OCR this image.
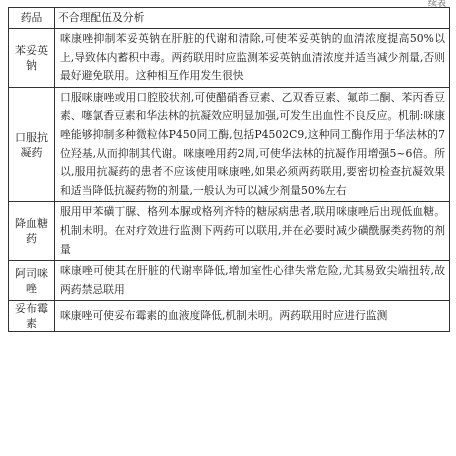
续表
药品	不合理配伍及分析
苯妥英钠	咪康唑抑制苯妥英钠在肝脏的代谢和清除,可使苯妥英钠的血清浓度提高50%以上,导致体内蓄积中毒。两药联用时应监测苯妥英钠血清浓度并适当减少剂量,否则最好避免联用。这种相互作用发生很快
口服抗凝药	口服咪康唑或用口腔胶状剂,可使醋硝香豆素、乙双香豆素、氟茚二酮、苯丙香豆素、噻氯香豆素和华法林的抗凝效应明显加强,可发生出血性不良反应。机制:咪康唑能够抑制多种微粒体P450同工酶,包括P4502C9,这种同工酶作用于华法林的7位羟基,从而抑制其代谢。咪康唑用药2周,可使华法林的抗凝作用增强5~6倍。所以,服用抗凝药的患者不应该使用咪康唑,如果必须两药联用,要密切检查抗凝效果和适当降低抗凝药物的剂量,一般认为可以减少剂量50%左右
降血糖药	服用甲苯磺丁脲、格列本脲或格列齐特的糖尿病患者,联用咪康唑后出现低血糖。机制未明。在对疗效进行监测下两药可以联用,并在必要时减少磺酰脲类药物的剂量
阿司咪唑	咪康唑可使其在肝脏的代谢率降低,增加室性心律失常危险,尤其易致尖端扭转,故两药禁忌联用
妥布霉素	咪康唑可使妥布霉素的血液度降低,机制未明。两药联用时应进行监测
